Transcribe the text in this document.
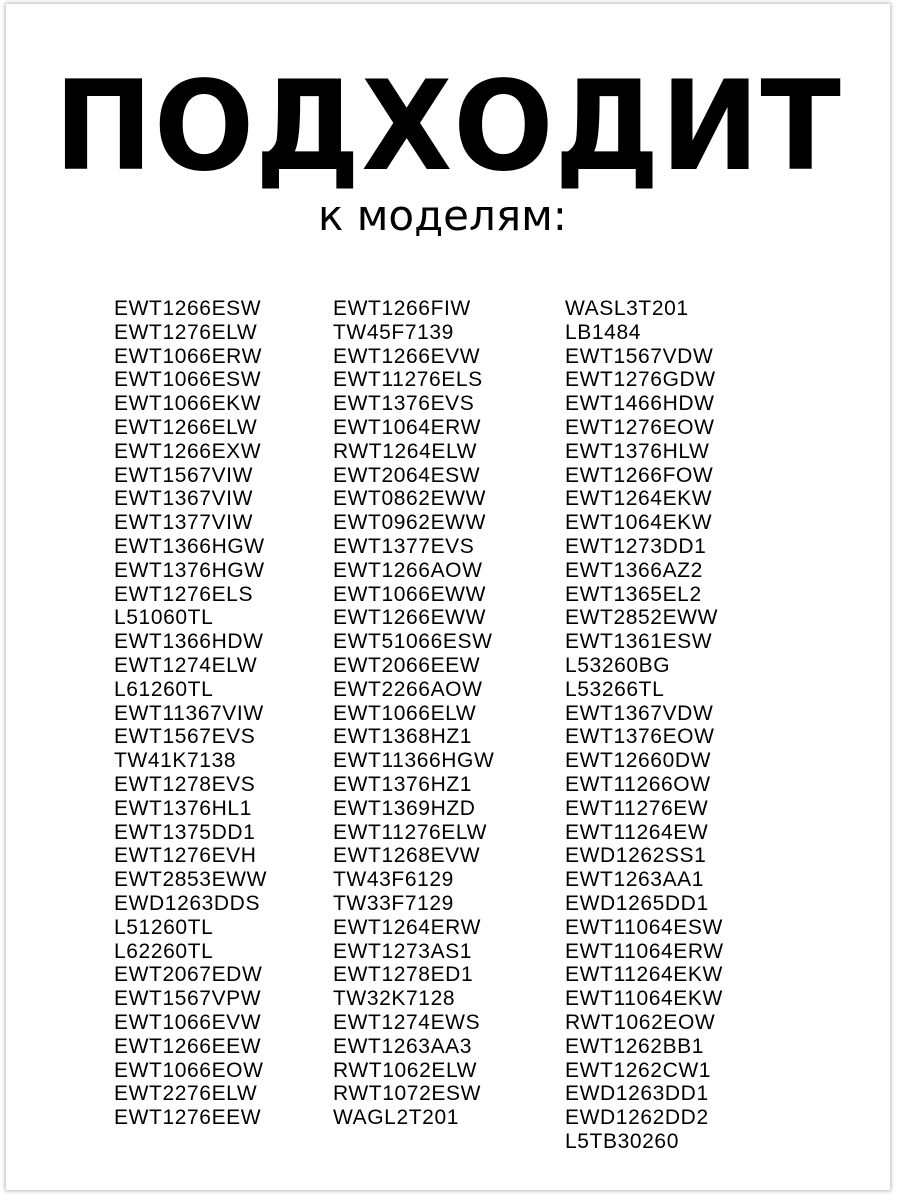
ПОДХОДИТ

к моделям:

EWT1266ESW
EWT1276ELW
EWT1066ERW
EWT1066ESW
EWT1066EKW
EWT1266ELW
EWT1266EXW
EWT1567VIW
EWT1367VIW
EWT1377VIW
EWT1366HGW
EWT1376HGW
EWT1276ELS
L51060TL
EWT1366HDW
EWT1274ELW
L61260TL
EWT11367VIW
EWT1567EVS
TW41K7138
EWT1278EVS
EWT1376HL1
EWT1375DD1
EWT1276EVH
EWT2853EWW
EWD1263DDS
L51260TL
L62260TL
EWT2067EDW
EWT1567VPW
EWT1066EVW
EWT1266EEW
EWT1066EOW
EWT2276ELW
EWT1276EEW
EWT1266FIW
TW45F7139
EWT1266EVW
EWT11276ELS
EWT1376EVS
EWT1064ERW
RWT1264ELW
EWT2064ESW
EWT0862EWW
EWT0962EWW
EWT1377EVS
EWT1266AOW
EWT1066EWW
EWT1266EWW
EWT51066ESW
EWT2066EEW
EWT2266AOW
EWT1066ELW
EWT1368HZ1
EWT11366HGW
EWT1376HZ1
EWT1369HZD
EWT11276ELW
EWT1268EVW
TW43F6129
TW33F7129
EWT1264ERW
EWT1273AS1
EWT1278ED1
TW32K7128
EWT1274EWS
EWT1263AA3
RWT1062ELW
RWT1072ESW
WAGL2T201
WASL3T201
LB1484
EWT1567VDW
EWT1276GDW
EWT1466HDW
EWT1276EOW
EWT1376HLW
EWT1266FOW
EWT1264EKW
EWT1064EKW
EWT1273DD1
EWT1366AZ2
EWT1365EL2
EWT2852EWW
EWT1361ESW
L53260BG
L53266TL
EWT1367VDW
EWT1376EOW
EWT12660DW
EWT11266OW
EWT11276EW
EWT11264EW
EWD1262SS1
EWT1263AA1
EWD1265DD1
EWT11064ESW
EWT11064ERW
EWT11264EKW
EWT11064EKW
RWT1062EOW
EWT1262BB1
EWT1262CW1
EWD1263DD1
EWD1262DD2
L5TB30260
